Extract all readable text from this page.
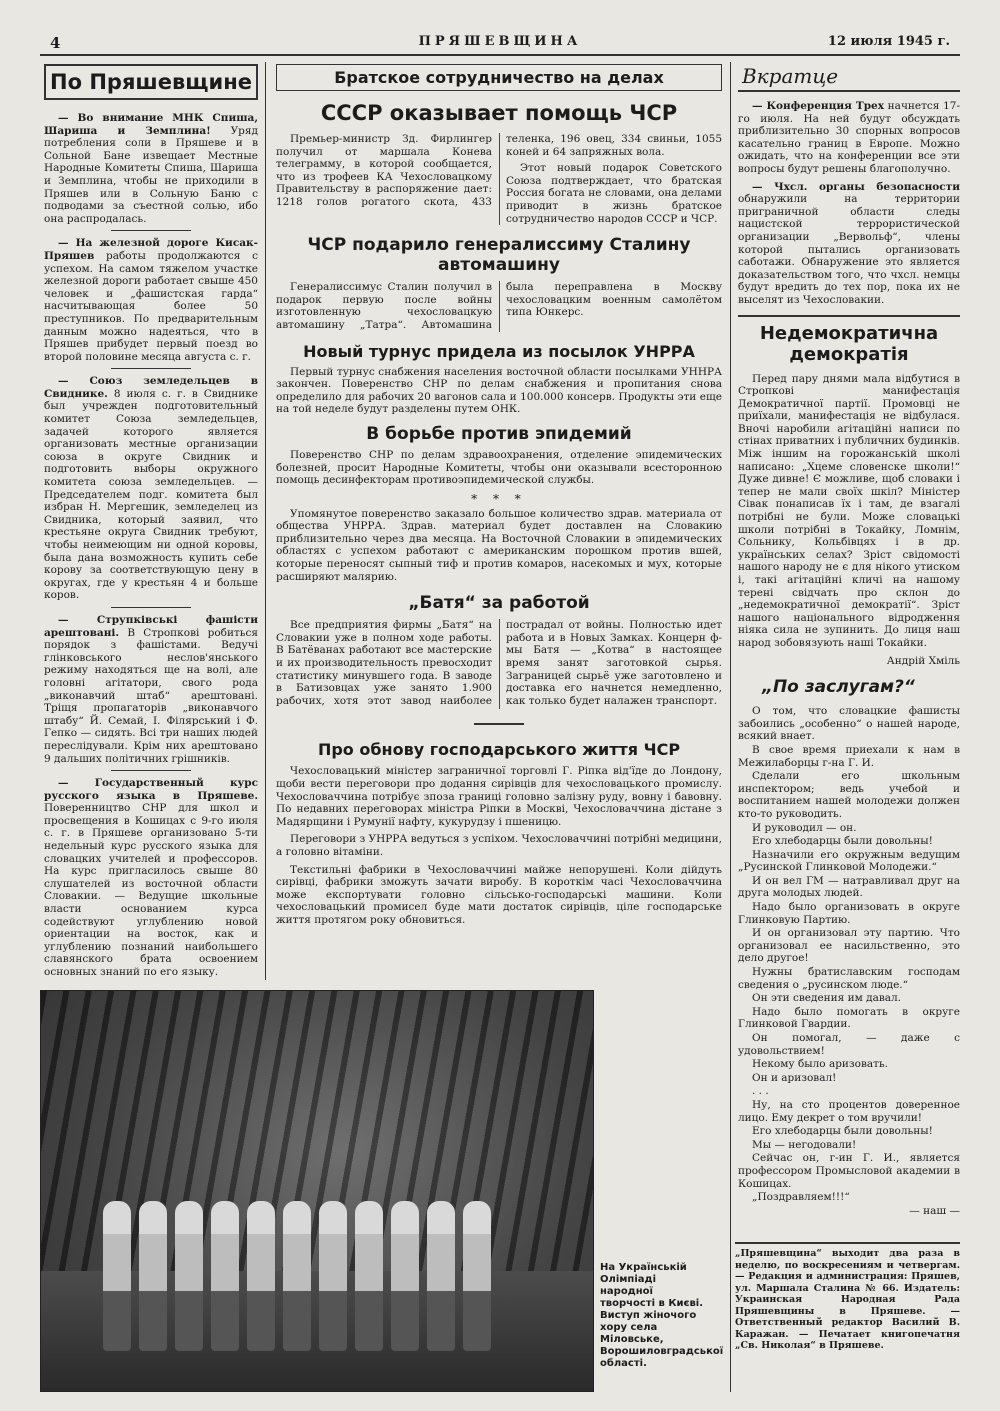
4	ПРЯШЕВЩИНА	12 июля 1945 г.
По Пряшевщине

— Во внимание МНК Спиша, Шариша и Земплина! Уряд потребления соли в Пряшеве и в Сольной Бане извещает Местные Народные Комитеты Спиша, Шариша и Земплина, чтобы не приходили в Пряшев или в Сольную Баню с подводами за съестной солью, ибо она распродалась.

— На железной дороге Кисак-Пряшев работы продолжаются с успехом. На самом тяжелом участке железной дороги работает свыше 450 человек и „фашистская гарда“ насчитывающая более 50 преступников. По предварительным данным можно надеяться, что в Пряшев прибудет первый поезд во второй половине месяца августа с. г.

— Союз земледельцев в Свиднике. 8 июля с. г. в Свиднике был учрежден подготовительный комитет Союза земледельцев, задачей которого является организовать местные организации союза в округе Свидник и подготовить выборы окружного комитета союза земледельцев. — Председателем подг. комитета был избран Н. Мергешик, земледелец из Свидника, который заявил, что крестьяне округа Свидник требуют, чтобы неимеющим ни одной коровы, была дана возможность купить себе корову за соответствующую цену в округах, где у крестьян 4 и больше коров.

— Струпківські фашісти арештовані. В Стропкові робиться порядок з фашістами. Ведучі глінковського неслов'янського режиму находяться ще на волі, але головні агітатори, свого рода „виконавчий штаб“ арештовані. Тріщя пропагаторів „виконавчого штабу“ Й. Семай, І. Філярський і Ф. Гепко — сидять. Всі три наших людей переслідували. Крім них арештовано 9 дальших політичних грішників.

— Государственный курс русского языка в Пряшеве. Поверенництво СНР для школ и просвещения в Кошицах с 9-го июля с. г. в Пряшеве организовано 5-ти недельный курс русского языка для словацких учителей и профессоров. На курс пригласилось свыше 80 слушателей из восточной области Словакии. — Ведущие школьные власти основанием курса содействуют углублению новой ориентации на восток, как и углублению познаний наибольшего славянского брата освоением основных знаний по его языку.

Братское сотрудничество на делах
СССР оказывает помощь ЧСР

Премьер-министр Зд. Фирлингер получил от маршала Конева телеграмму, в которой сообщается, что из трофеев КА Чехословацкому Правительству в распоряжение дает: 1218 голов рогатого скота, 433 теленка, 196 овец, 334 свиньи, 1055 коней и 64 запряжных вола.

Этот новый подарок Советского Союза подтверждает, что братская Россия богата не словами, она делами приводит в жизнь братское сотрудничество народов СССР и ЧСР.

ЧСР подарило генералиссиму Сталину автомашину

Генералиссимус Сталин получил в подарок первую после войны изготовленную чехословацкую автомашину „Татра“. Автомашина была переправлена в Москву чехословацким военным самолётом типа Юнкерс.

Новый турнус придела из посылок УНРРА

Первый турнус снабжения населения восточной области посылками УННРА закончен. Поверенство СНР по делам снабжения и пропитания снова определило для рабочих 20 вагонов сала и 100.000 консерв. Продукты эти еще на той неделе будут разделены путем ОНК.

В борьбе против эпидемий

Поверенство СНР по делам здравоохранения, отделение эпидемических болезней, просит Народные Комитеты, чтобы они оказывали всесторонною помощь десинфекторам противоэпидемической службы.

* * *

Упомянутое поверенство заказало большое количество здрав. материала от общества УНРРА. Здрав. материал будет доставлен на Словакию приблизительно через два месяца. На Восточной Словакии в эпидемических областях с успехом работают с американским порошком против вшей, которые переносят сыпный тиф и против комаров, насекомых и мух, которые расширяют малярию.

„Батя“ за работой

Все предприятия фирмы „Батя“ на Словакии уже в полном ходе работы. В Батёванах работают все мастерские и их производительность превосходит статистику минувшего года. В заводе в Батизовцах уже занято 1.900 рабочих, хотя этот завод наиболее пострадал от войны. Полностью идет работа и в Новых Замках. Концерн ф-мы Батя — „Котва“ в настоящее время занят заготовкой сырья. Заграницей сырьё уже заготовлено и доставка его начнется немедленно, как только будет налажен транспорт.

Про обнову господарського життя ЧСР

Чехословацький міністер заграничної торговлі Г. Ріпка від'їде до Лондону, щоби вести переговори про додання сирівців для чехословацького промислу. Чехословаччина потрібує зпоза границі головно залізну руду, вовну і бавовну. По недавних переговорах міністра Ріпки в Москві, Чехословаччина дістане з Мадярщини і Румунії нафту, кукурудзу і пшеницю.

Переговори з УНРРА ведуться з успіхом. Чехословаччині потрібні медицини, а головно вітаміни.

Текстильні фабрики в Чехословаччині майже непорушені. Коли дійдуть сирівці, фабрики зможуть зачати виробу. В короткім часі Чехословаччина може експортувати головно сільсько-господарські машини. Коли чехословацький промисел буде мати достаток сирівців, ціле господарське життя протягом року обновиться.

Вкратце

— Конференция Трех начнется 17-го июля. На ней будут обсуждать приблизительно 30 спорных вопросов касательно границ в Европе. Можно ожидать, что на конференции все эти вопросы будут решены благополучно.

— Чхсл. органы безопасности обнаружили на территории приграничной области следы нацистской террористической организации „Вервольф“, члены которой пытались организовать саботажи. Обнаружение это является доказательством того, что чхсл. немцы будут вредить до тех пор, пока их не выселят из Чехословакии.

Недемократична демократія

Перед пару днями мала відбутися в Стропкові манифестація Демократичної партії. Промовці не приїхали, манифестація не відбулася. Вночі наробили агітаційні написи по стінах приватних і публичних будинків. Між іншим на горожанській школі написано: „Хцеме словенске школи!“ Дуже дивне! Є можливе, щоб словаки і тепер не мали своїх шкіл? Міністер Сівак понаписав їх і там, де взагалі потрібні не були. Може словацькі школи потрібні в Токайку, Ломнім, Сольнику, Кольбівцях і в др. українських селах? Зріст свідомості нашого народу не є для нікого утиском і, такі агітаційні кличі на нашому терені свідчать про склон до „недемократичної демократії“. Зріст нашого національного відродження ніяка сила не зупинить. До лиця наш народ зобовязують наші Токайки.

Андрій Хміль

„По заслугам?“

О том, что словацкие фашисты забоились „особенно“ о нашей народе, всякий внает.

В свое время приехали к нам в Межилаборцы г-на Г. И.

Сделали его школьным инспектором; ведь учебой и воспитанием нашей молодежи должен кто-то руководить.

И руководил — он.

Его хлебодарцы были довольны!

Назначили его окружным ведущим „Русинской Глинковой Молодежи.“

И он вел ГМ — натравливал друг на друга молодых людей.

Надо было организовать в округе Глинковую Партию.

И он организовал эту партию. Что организовал ее насильственно, это дело другое!

Нужны братиславским господам сведения о „русинском люде.“

Он эти сведения им давал.

Надо было помогать в округе Глинковой Гвардии.

Он помогал, — даже с удовольствием!

Некому было аризовать.

Он и аризовал!

. . .

Ну, на сто процентов доверенное лицо. Ему декрет о том вручили!

Его хлебодарцы были довольны!

Мы — негодовали!

Сейчас он, г-ин Г. И., является профессором Промысловой академии в Кошицах.

„Поздравляем!!!“

— наш —

На Українській Олімпіаді народної творчості в Києві. Виступ жіночого хору села Міловське, Ворошиловградської області.

„Пряшевщина“ выходит два раза в неделю, по воскресениям и четвергам. — Редакция и администрация: Пряшев, ул. Маршала Сталина № 66. Издатель: Украинская Народная Рада Пряшевщины в Пряшеве. — Ответственный редактор Василий В. Каражан. — Печатает книгопечатня „Св. Николая“ в Пряшеве.
